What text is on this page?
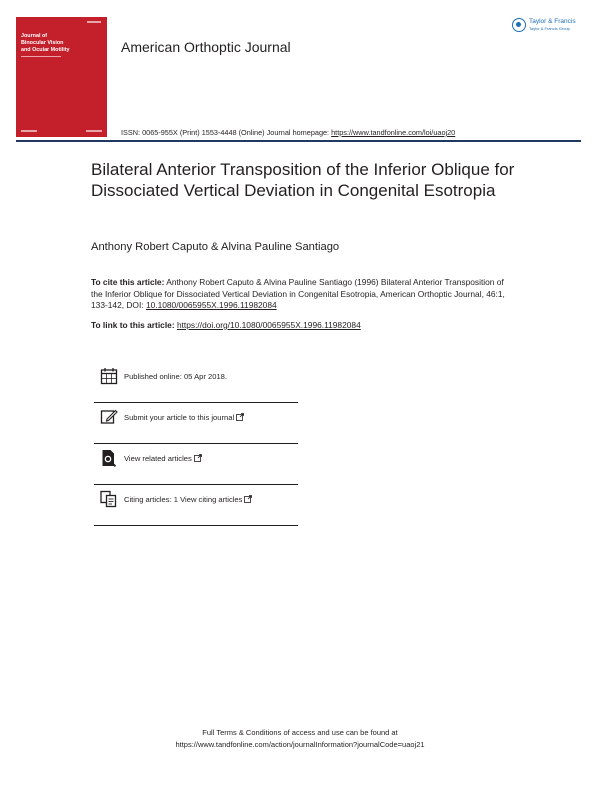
Journal of
Binocular Vision
and Ocular Motility	American Orthoptic Journal
Taylor & Francis
Taylor & Francis Group
ISSN: 0065-955X (Print) 1553-4448 (Online) Journal homepage: https://www.tandfonline.com/loi/uaoj20
Bilateral Anterior Transposition of the Inferior Oblique for Dissociated Vertical Deviation in Congenital Esotropia
Anthony Robert Caputo & Alvina Pauline Santiago
To cite this article: Anthony Robert Caputo & Alvina Pauline Santiago (1996) Bilateral Anterior Transposition of the Inferior Oblique for Dissociated Vertical Deviation in Congenital Esotropia, American Orthoptic Journal, 46:1, 133-142, DOI: 10.1080/0065955X.1996.11982084
To link to this article: https://doi.org/10.1080/0065955X.1996.11982084
Published online: 05 Apr 2018.
Submit your article to this journal
View related articles
Citing articles: 1 View citing articles
Full Terms & Conditions of access and use can be found at
https://www.tandfonline.com/action/journalInformation?journalCode=uaoj21
